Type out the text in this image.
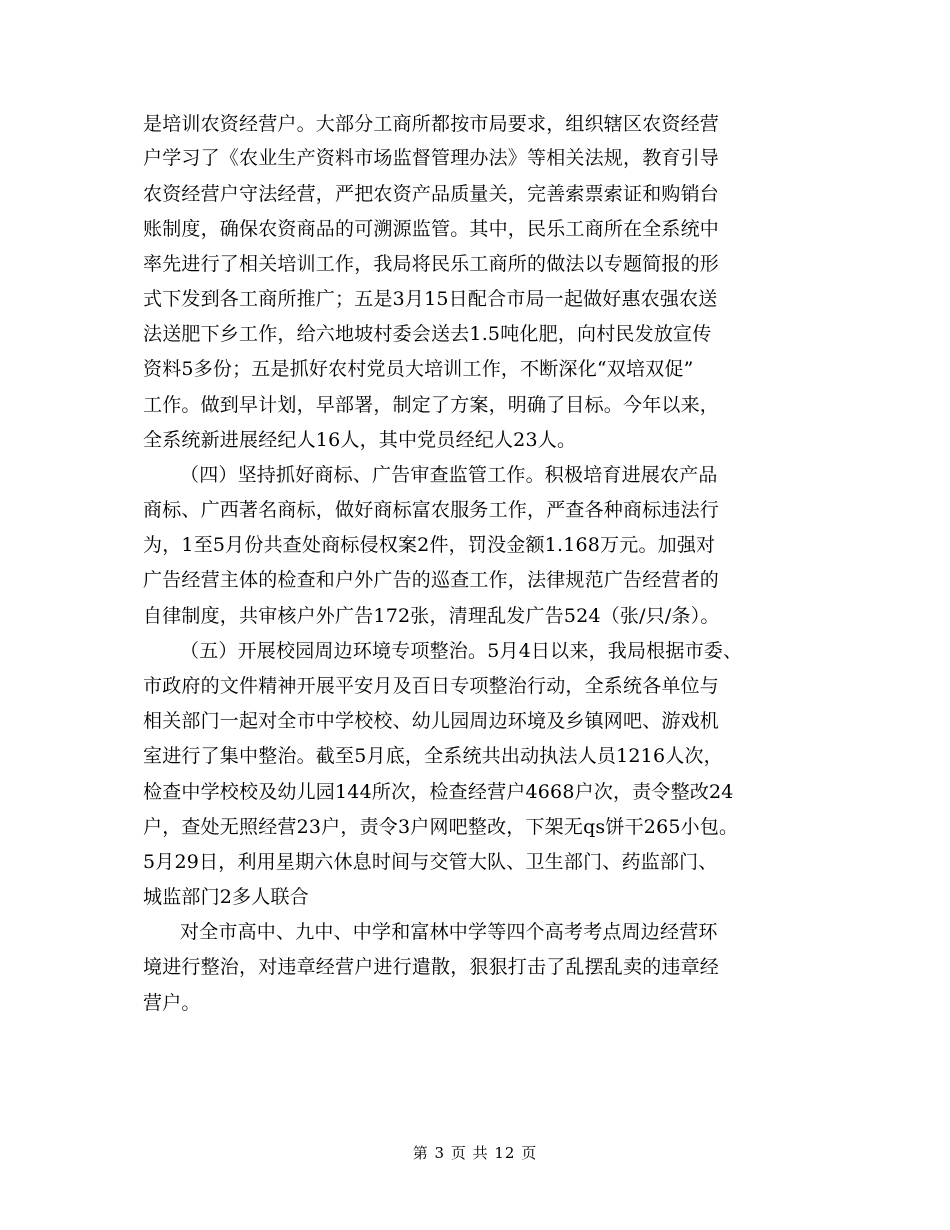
是培训农资经营户。大部分工商所都按市局要求，组织辖区农资经营
户学习了《农业生产资料市场监督管理办法》等相关法规，教育引导
农资经营户守法经营，严把农资产品质量关，完善索票索证和购销台
账制度，确保农资商品的可溯源监管。其中，民乐工商所在全系统中
率先进行了相关培训工作，我局将民乐工商所的做法以专题简报的形
式下发到各工商所推广；五是3月15日配合市局一起做好惠农强农送
法送肥下乡工作，给六地坡村委会送去1.5吨化肥，向村民发放宣传
资料5多份；五是抓好农村党员大培训工作，不断深化“双培双促”
工作。做到早计划，早部署，制定了方案，明确了目标。今年以来，
全系统新进展经纪人16人，其中党员经纪人23人。
（四）坚持抓好商标、广告审查监管工作。积极培育进展农产品
商标、广西著名商标，做好商标富农服务工作，严查各种商标违法行
为，1至5月份共查处商标侵权案2件，罚没金额1.168万元。加强对
广告经营主体的检查和户外广告的巡查工作，法律规范广告经营者的
自律制度，共审核户外广告172张，清理乱发广告524（张/只/条）。
（五）开展校园周边环境专项整治。5月4日以来，我局根据市委、
市政府的文件精神开展平安月及百日专项整治行动，全系统各单位与
相关部门一起对全市中学校校、幼儿园周边环境及乡镇网吧、游戏机
室进行了集中整治。截至5月底，全系统共出动执法人员1216人次，
检查中学校校及幼儿园144所次，检查经营户4668户次，责令整改24
户，查处无照经营23户，责令3户网吧整改，下架无qs饼干265小包。
5月29日，利用星期六休息时间与交管大队、卫生部门、药监部门、
城监部门2多人联合
对全市高中、九中、中学和富林中学等四个高考考点周边经营环
境进行整治，对违章经营户进行遣散，狠狠打击了乱摆乱卖的违章经
营户。
第 3 页 共 12 页
